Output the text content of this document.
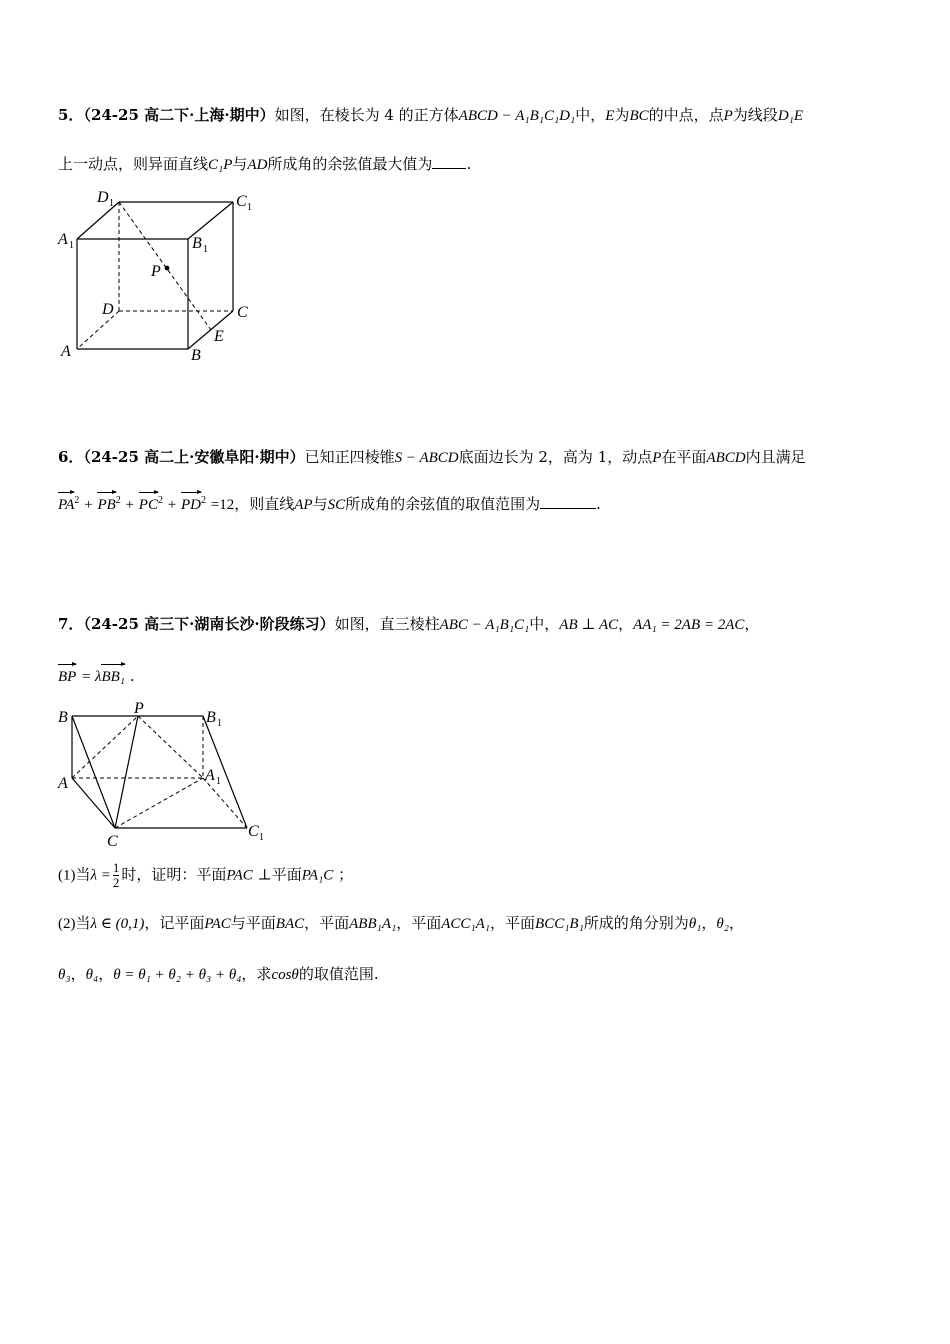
5．（24-25 高二下·上海·期中）如图，在棱长为 4 的正方体ABCD − A₁B₁C₁D₁中，E为BC的中点，点P为线段D₁E
上一动点，则异面直线C₁P与AD所成角的余弦值最大值为 .
D 1	C 1
A 1	B 1
P
D	C
E
A	B
6．（24-25 高二上·安徽阜阳·期中）已知正四棱锥S − ABCD底面边长为 2，高为 1，动点P在平面ABCD内且满足
$PA^2 + PB^2 + PC^2 + PD^2 =12$，则直线AP与SC所成角的余弦值的取值范围为	.
7．（24-25 高三下·湖南长沙·阶段练习）如图，直三棱柱ABC − A₁B₁C₁中，AB ⊥ AC，AA₁ = 2AB = 2AC，
BP = λBB₁ .
B
P
B 1
A	A 1
C
C 1
(1)当$\lambda = \frac{1}{2}$ 时，证明：平面PAC ⊥平面PA₁C ；
(2)当λ ∈ (0,1)，记平面PAC与平面BAC，平面ABB₁A₁，平面ACC₁A₁，平面BCC₁B₁所成的角分别为θ₁，θ₂，
θ₃，θ₄，θ = θ₁ + θ₂ + θ₃ + θ₄，求cosθ的取值范围.
